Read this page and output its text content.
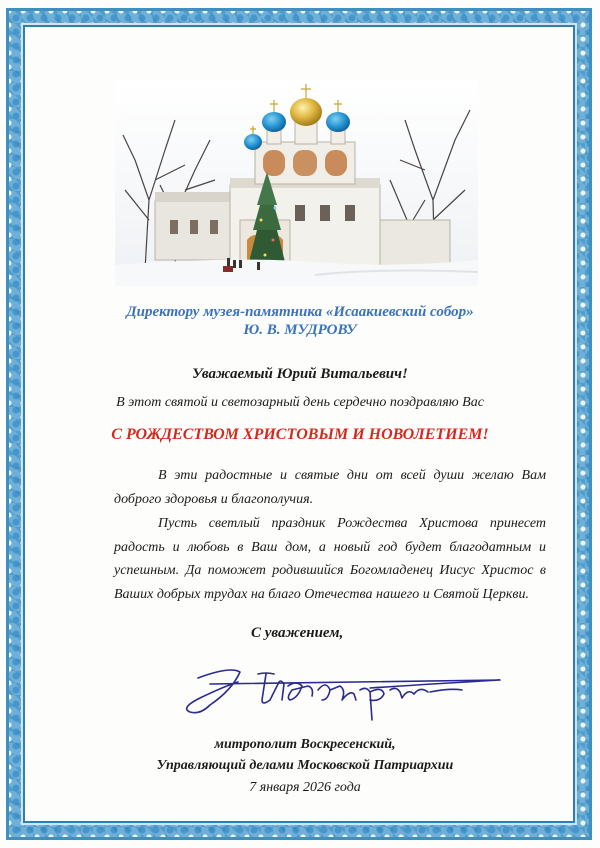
Директору музея-памятника «Исаакиевский собор»
Ю. В. МУДРОВУ
Уважаемый Юрий Витальевич!
В этот святой и светозарный день сердечно поздравляю Вас
С РОЖДЕСТВОМ ХРИСТОВЫМ И НОВОЛЕТИЕМ!
В эти радостные и святые дни от всей души желаю Вам доброго здоровья и благополучия.
Пусть светлый праздник Рождества Христова принесет радость и любовь в Ваш дом, а новый год будет благодатным и успешным. Да поможет родившийся Богомладенец Иисус Христос в Ваших добрых трудах на благо Отечества нашего и Святой Церкви.
С уважением,
митрополит Воскресенский,
Управляющий делами Московской Патриархии
7 января 2026 года
